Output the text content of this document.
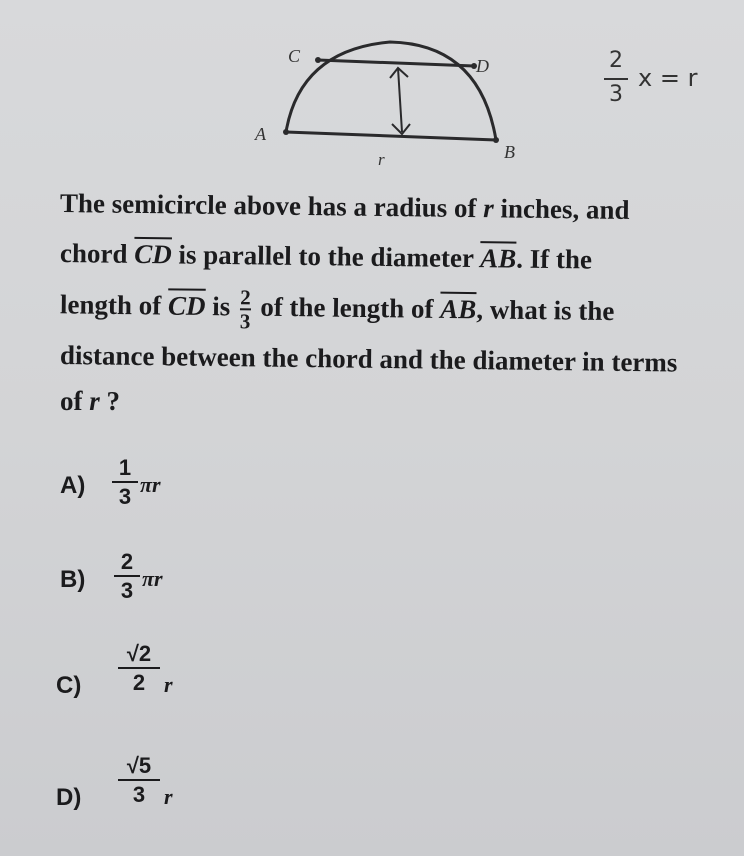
A
B
C	D
r
2
3
x = r
The semicircle above has a radius of r inches, and
chord $\overline{CD}$ is parallel to the diameter $\overline{AB}$. If the
length of $\overline{CD}$ is $\frac{2}{3}$ of the length of $\overline{AB}$, what is the
distance between the chord and the diameter in terms
of r ?
A)
1
3 πr
B)
2
3 πr
C)
√2
2 r
D)
√5
3 r
